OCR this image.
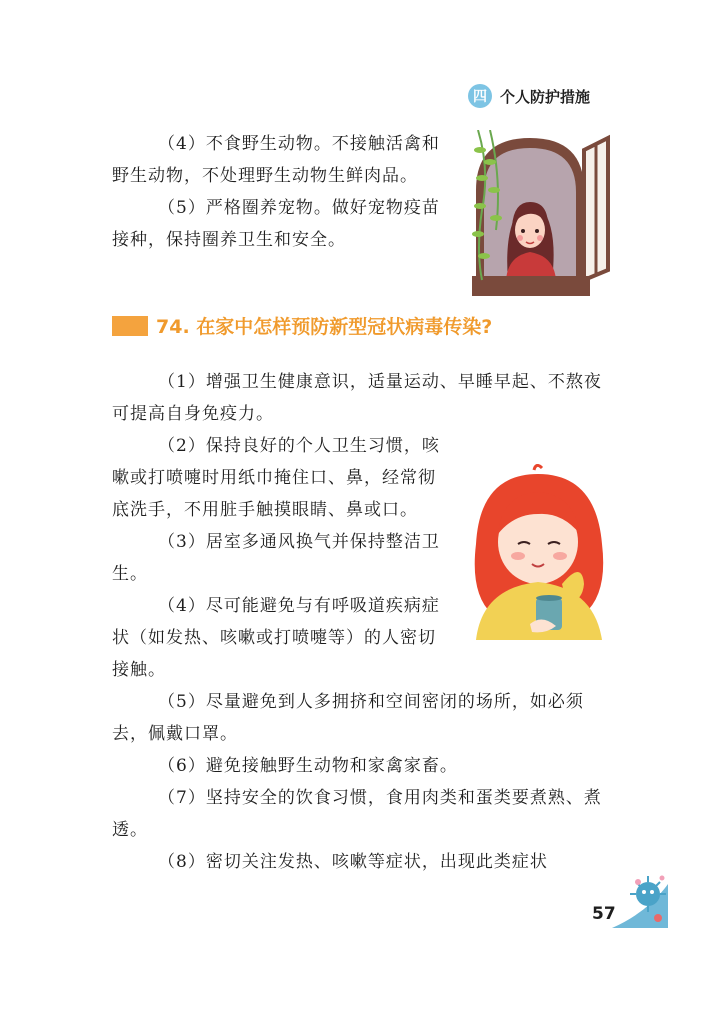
四 个人防护措施

（4）不食野生动物。不接触活禽和野生动物，不处理野生动物生鲜肉品。

（5）严格圈养宠物。做好宠物疫苗接种，保持圈养卫生和安全。

74. 在家中怎样预防新型冠状病毒传染?

（1）增强卫生健康意识，适量运动、早睡早起、不熬夜可提高自身免疫力。

（2）保持良好的个人卫生习惯，咳嗽或打喷嚏时用纸巾掩住口、鼻，经常彻底洗手，不用脏手触摸眼睛、鼻或口。

（3）居室多通风换气并保持整洁卫生。

（4）尽可能避免与有呼吸道疾病症状（如发热、咳嗽或打喷嚏等）的人密切接触。

（5）尽量避免到人多拥挤和空间密闭的场所，如必须去，佩戴口罩。

（6）避免接触野生动物和家禽家畜。

（7）坚持安全的饮食习惯，食用肉类和蛋类要煮熟、煮透。

（8）密切关注发热、咳嗽等症状，出现此类症状

57
